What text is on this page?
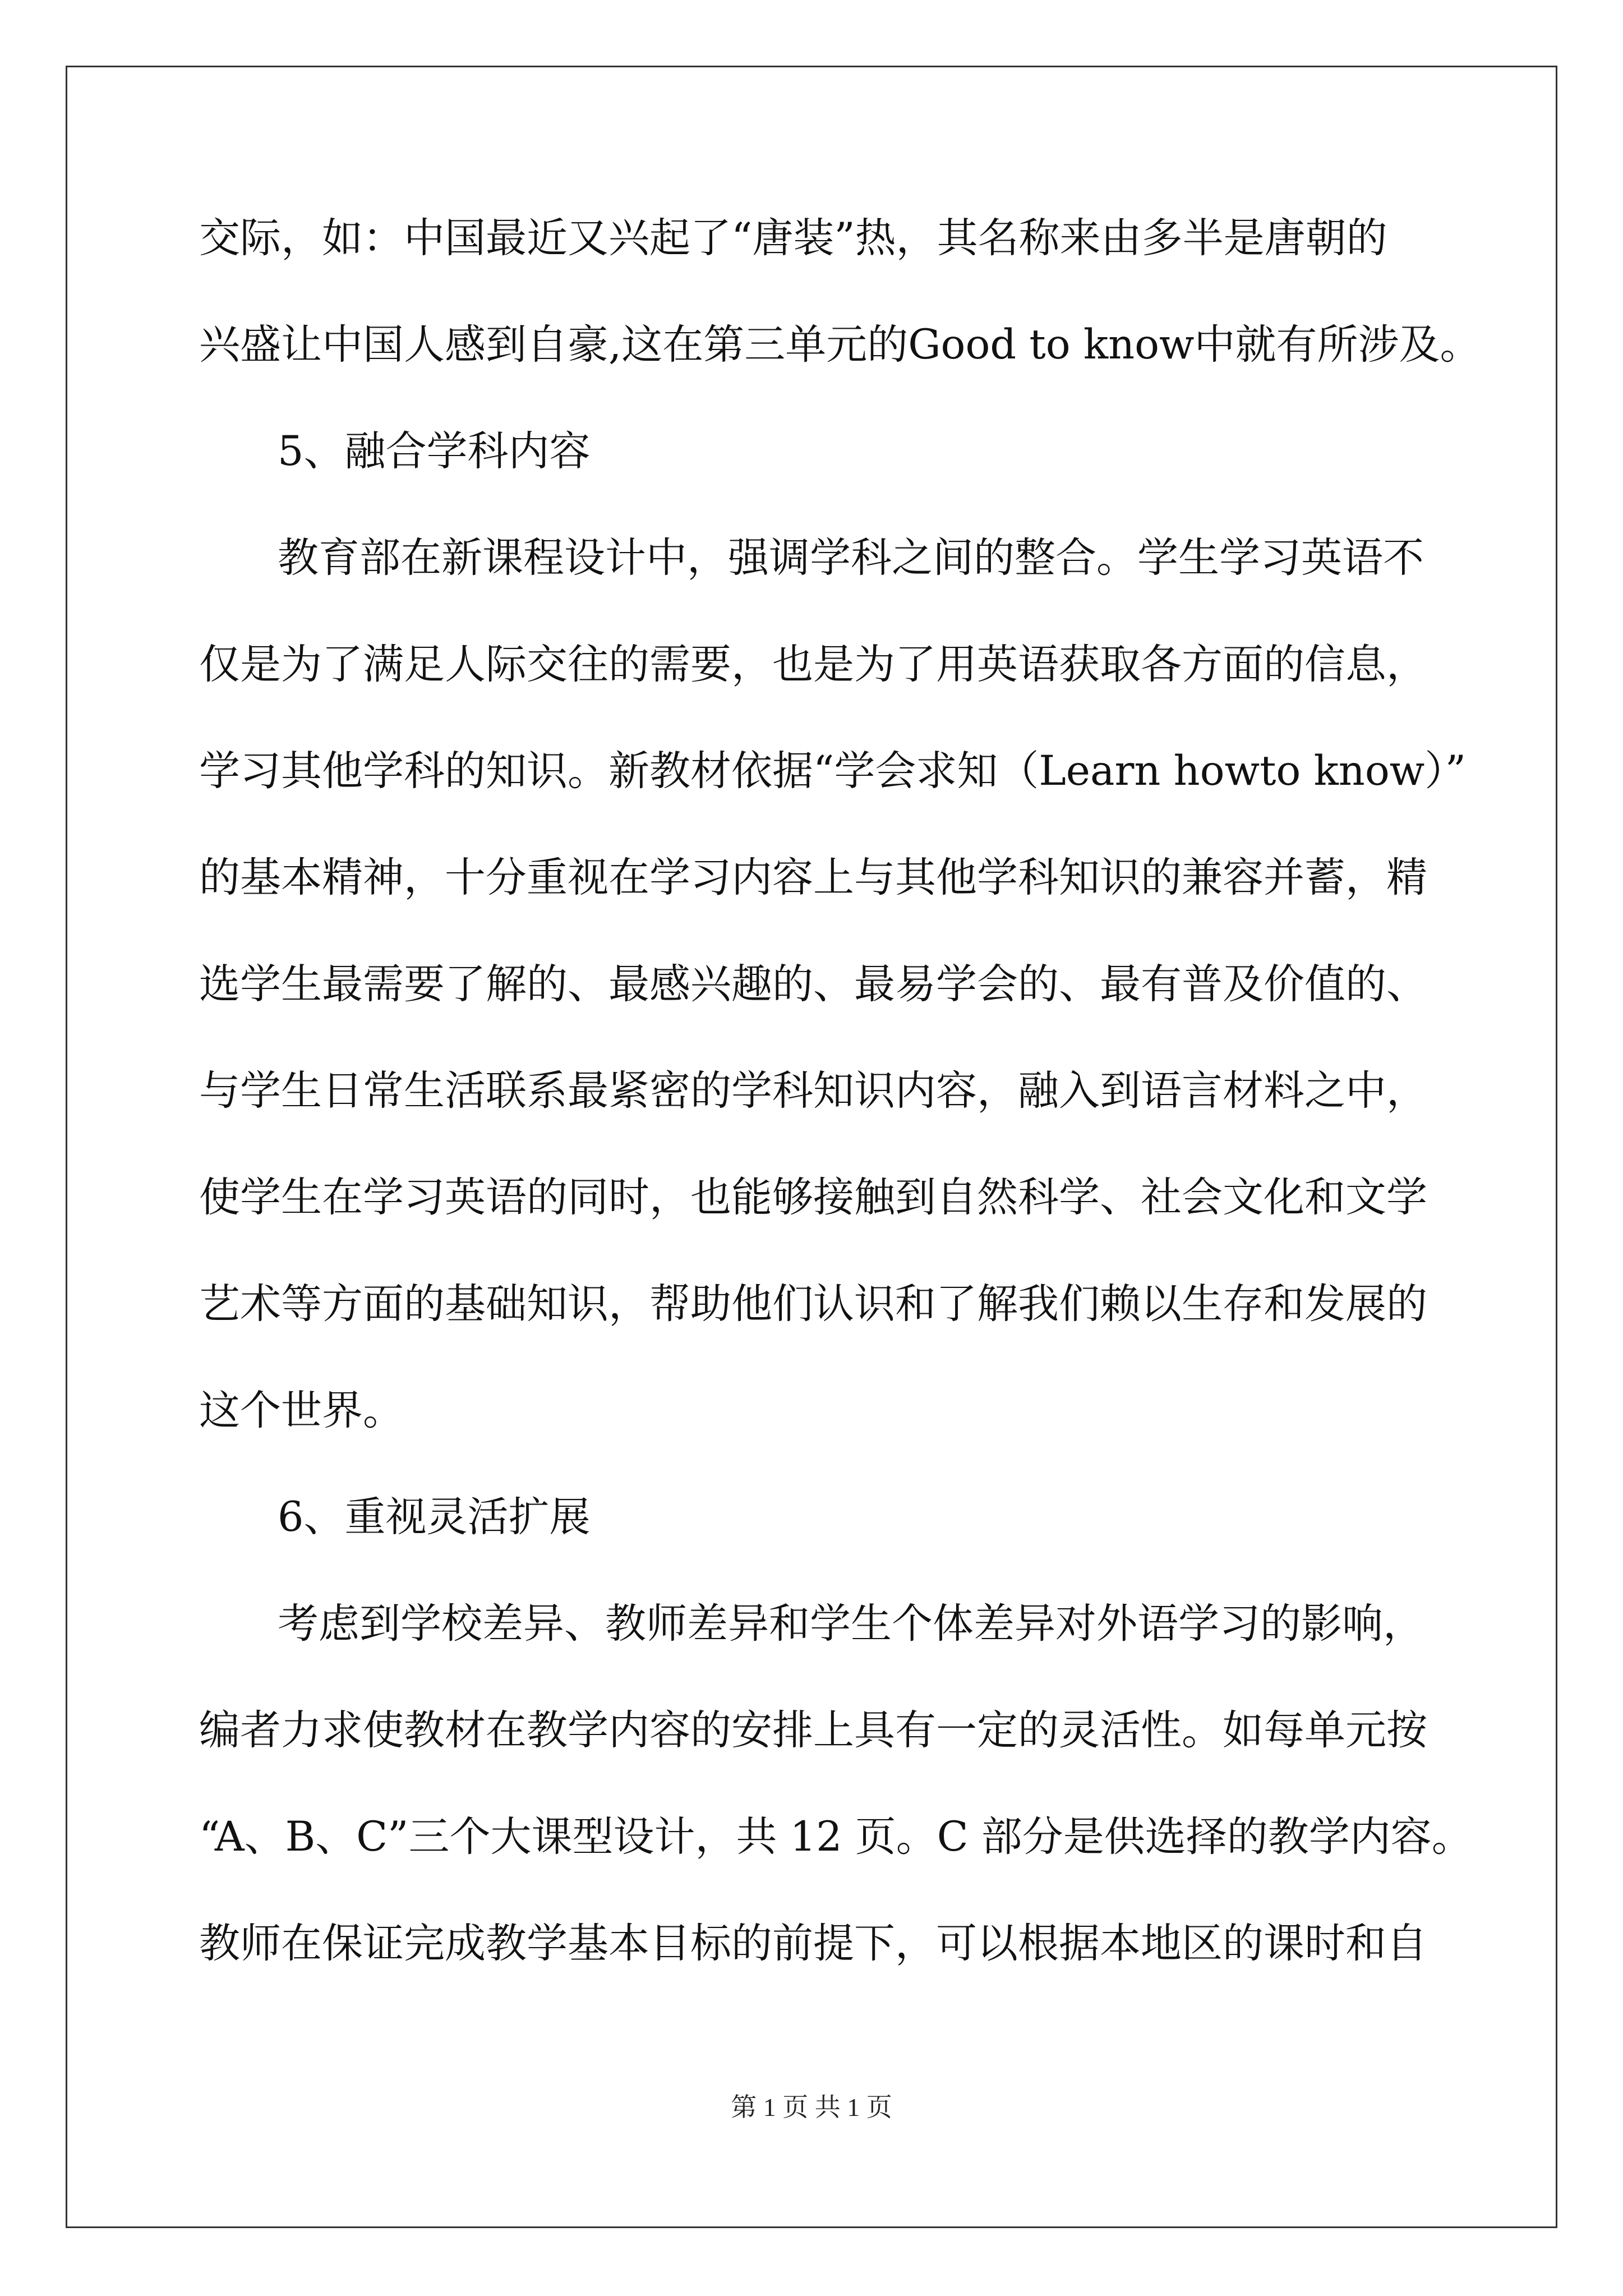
交际，如：中国最近又兴起了“唐装”热，其名称来由多半是唐朝的
兴盛让中国人感到自豪,这在第三单元的Good to know中就有所涉及。
5、融合学科内容
教育部在新课程设计中，强调学科之间的整合。学生学习英语不
仅是为了满足人际交往的需要，也是为了用英语获取各方面的信息，
学习其他学科的知识。新教材依据“学会求知（Learn howto know）”
的基本精神，十分重视在学习内容上与其他学科知识的兼容并蓄，精
选学生最需要了解的、最感兴趣的、最易学会的、最有普及价值的、
与学生日常生活联系最紧密的学科知识内容，融入到语言材料之中，
使学生在学习英语的同时，也能够接触到自然科学、社会文化和文学
艺术等方面的基础知识，帮助他们认识和了解我们赖以生存和发展的
这个世界。
6、重视灵活扩展
考虑到学校差异、教师差异和学生个体差异对外语学习的影响，
编者力求使教材在教学内容的安排上具有一定的灵活性。如每单元按
“A、B、C”三个大课型设计，共 12 页。C 部分是供选择的教学内容。
教师在保证完成教学基本目标的前提下，可以根据本地区的课时和自
第 1 页 共 1 页
